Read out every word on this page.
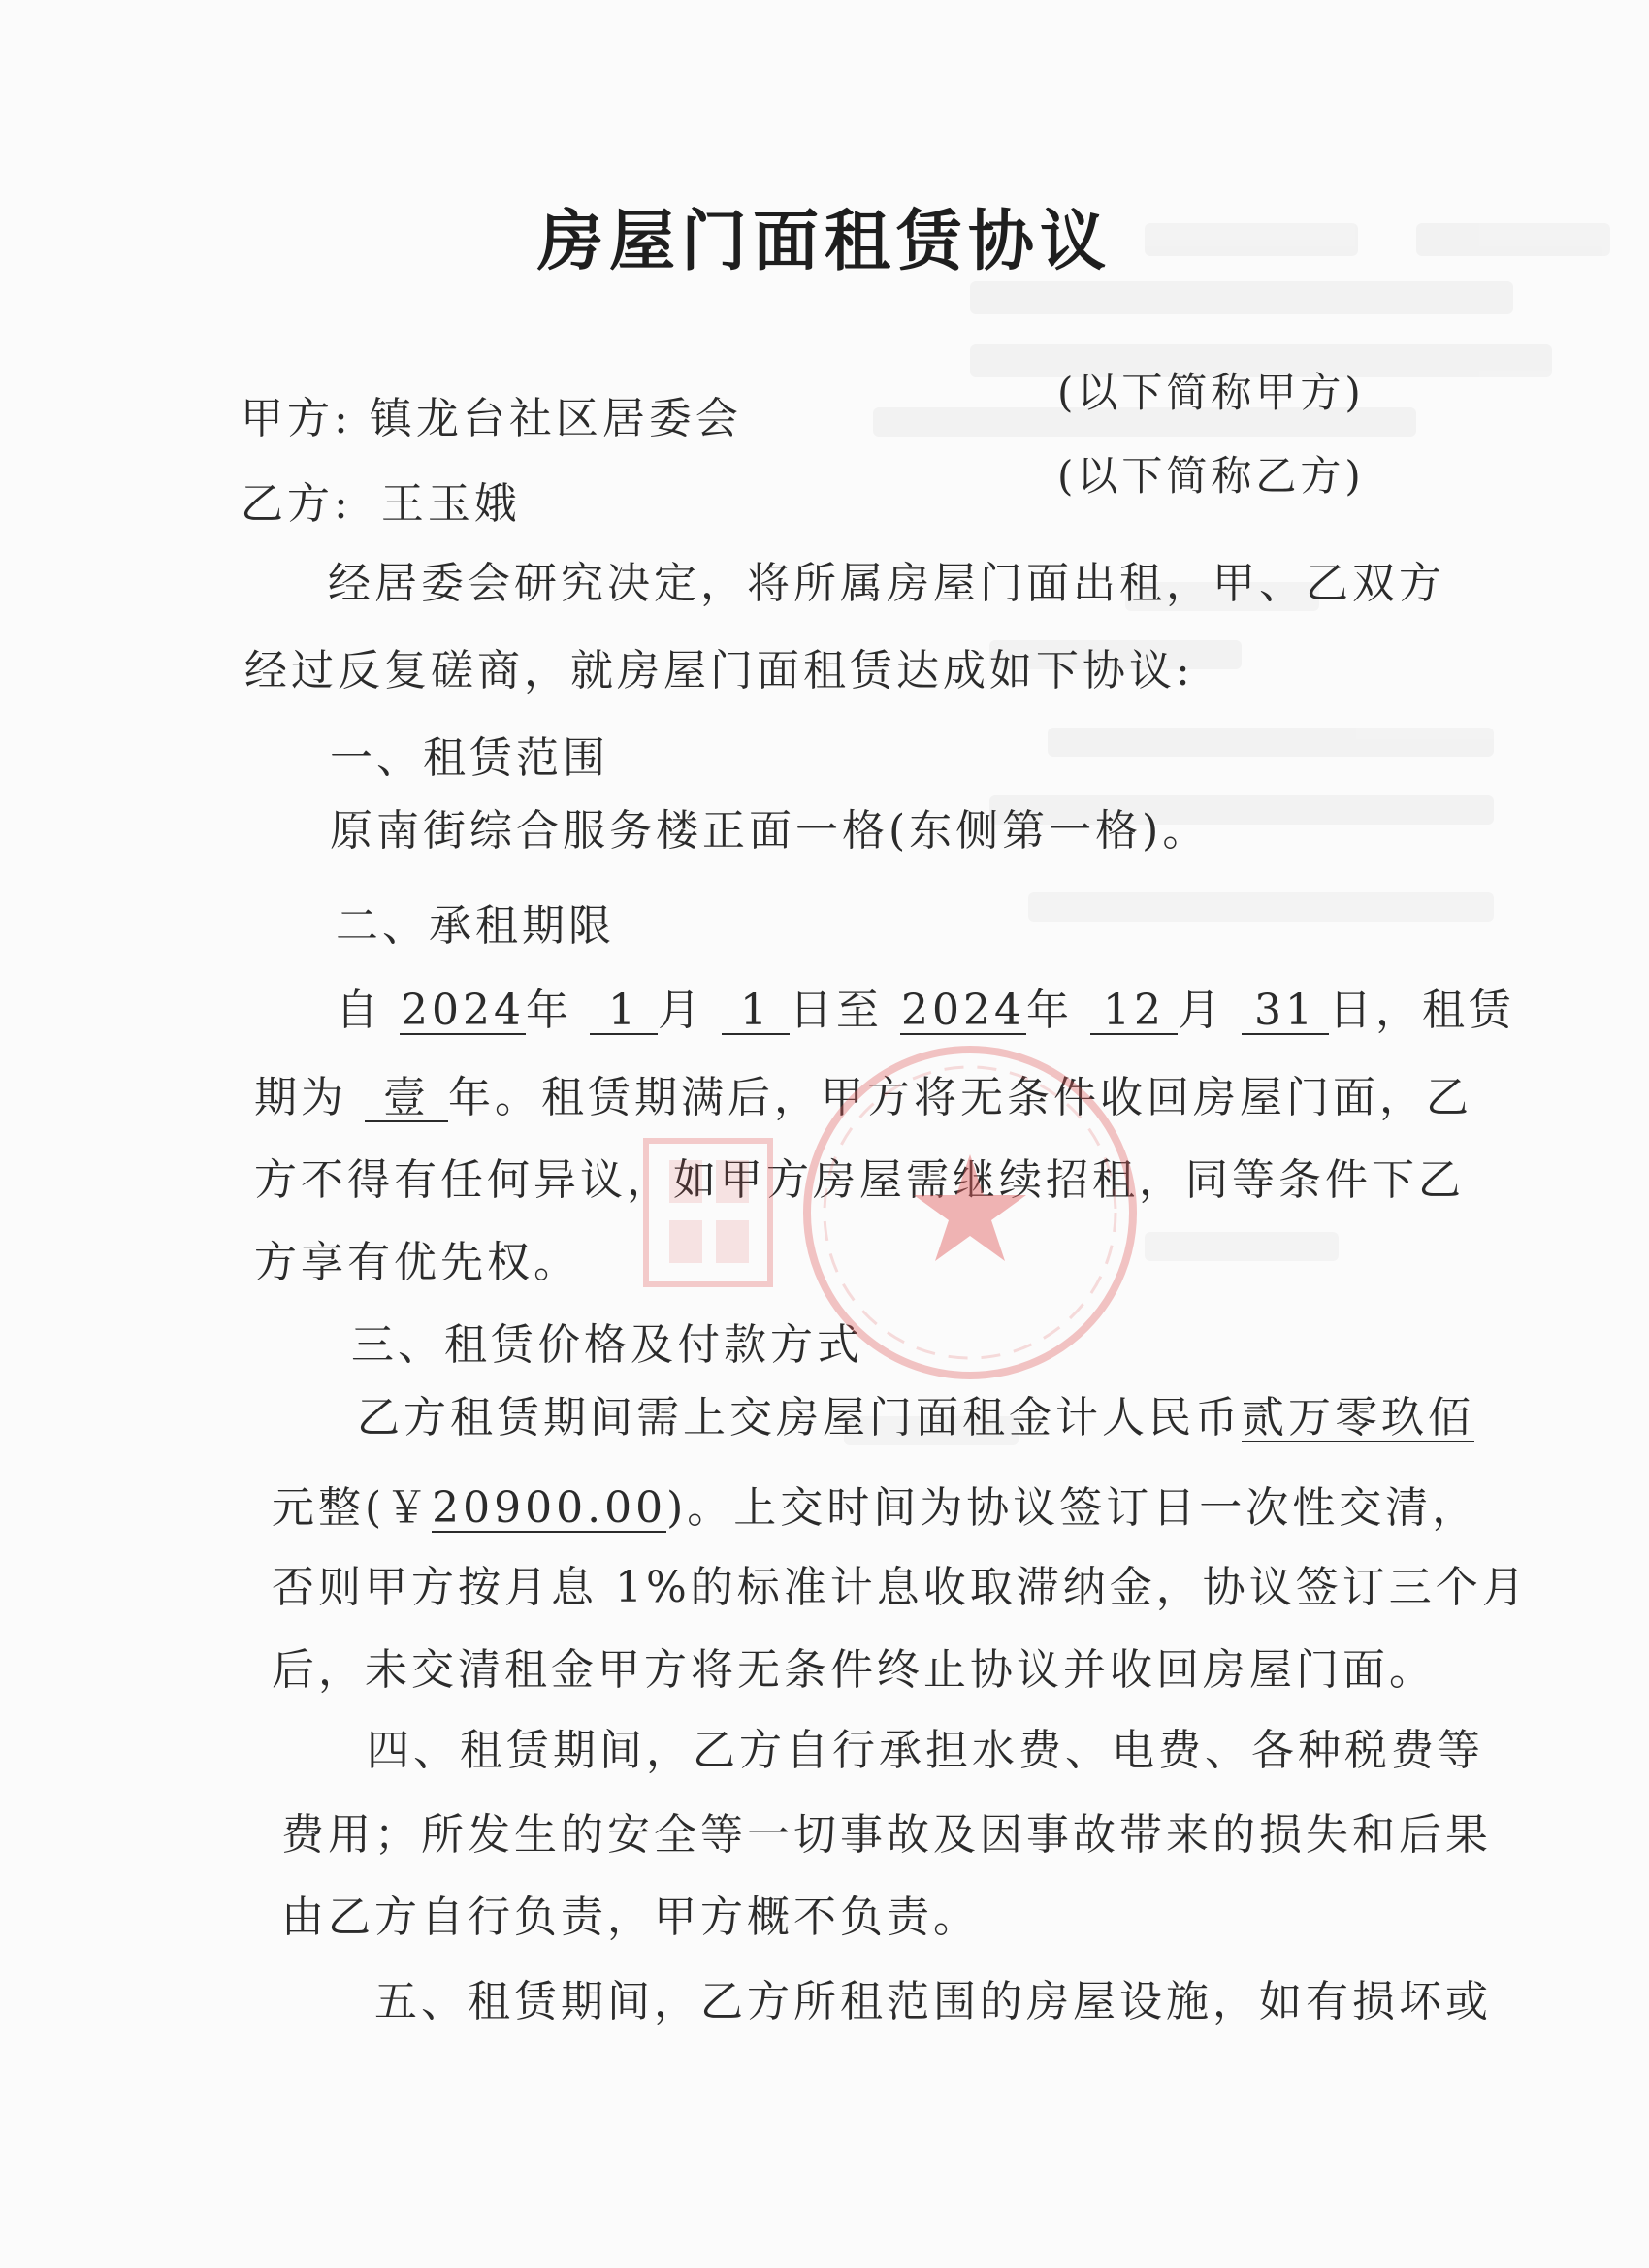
房屋门面租赁协议
甲方: 镇龙台社区居委会
(以下简称甲方)
乙方: 王玉娥
(以下简称乙方)
经居委会研究决定，将所属房屋门面出租，甲、乙双方
经过反复磋商，就房屋门面租赁达成如下协议:
一、租赁范围
原南街综合服务楼正面一格(东侧第一格)。
二、承租期限
自 2024年 1 月 1 日至 2024年 12 月 31 日，租赁
期为 壹 年。租赁期满后，甲方将无条件收回房屋门面，乙
方不得有任何异议，如甲方房屋需继续招租，同等条件下乙
方享有优先权。
三、租赁价格及付款方式
乙方租赁期间需上交房屋门面租金计人民币贰万零玖佰
元整(￥20900.00)。上交时间为协议签订日一次性交清，
否则甲方按月息 1%的标准计息收取滞纳金，协议签订三个月
后，未交清租金甲方将无条件终止协议并收回房屋门面。
四、租赁期间，乙方自行承担水费、电费、各种税费等
费用；所发生的安全等一切事故及因事故带来的损失和后果
由乙方自行负责，甲方概不负责。
五、租赁期间，乙方所租范围的房屋设施，如有损坏或
